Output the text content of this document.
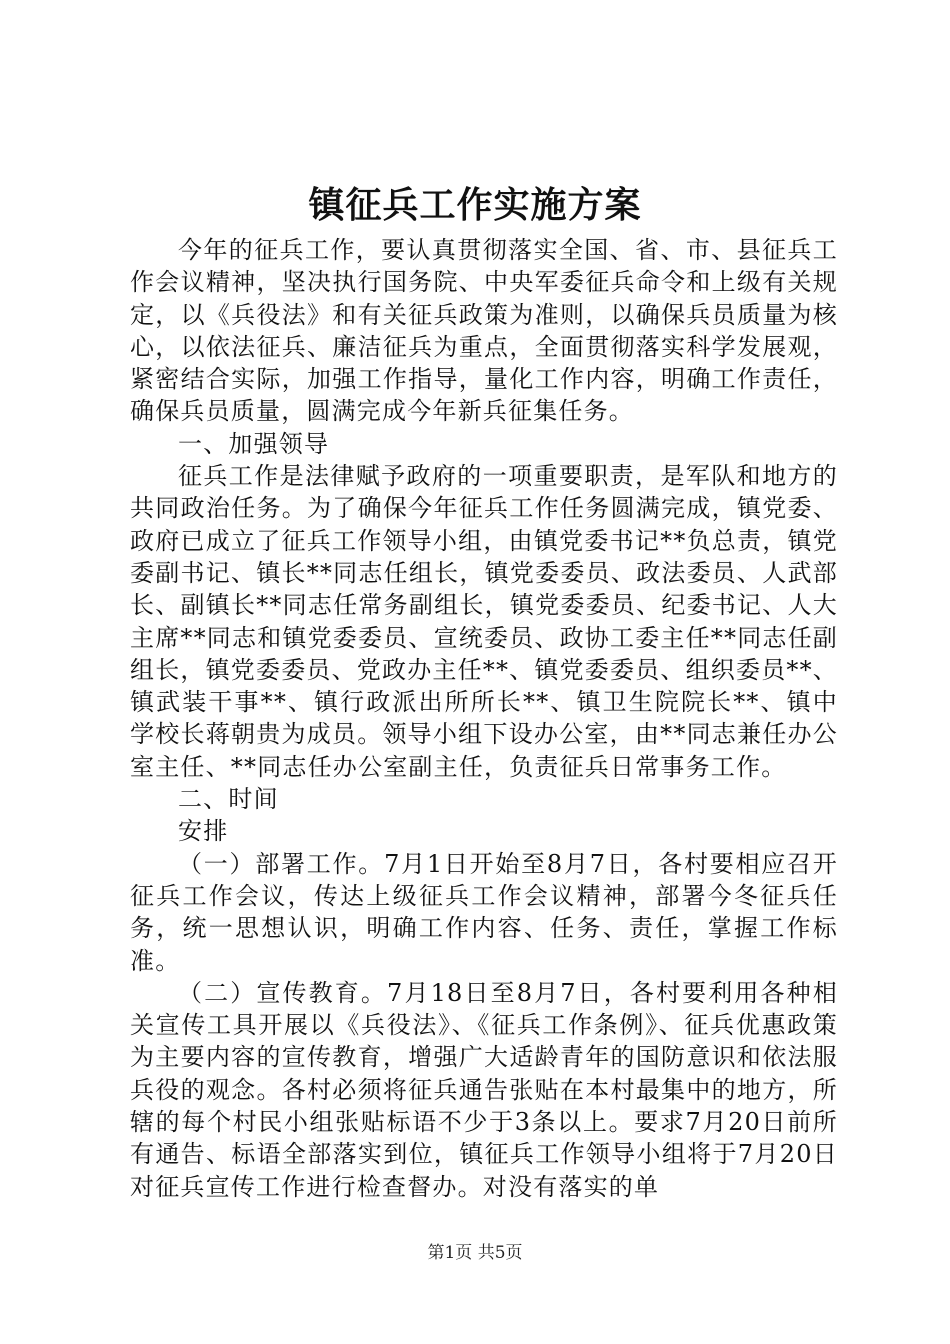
镇征兵工作实施方案

今年的征兵工作，要认真贯彻落实全国、省、市、县征兵工作会议精神，坚决执行国务院、中央军委征兵命令和上级有关规定，以《兵役法》和有关征兵政策为准则，以确保兵员质量为核心，以依法征兵、廉洁征兵为重点，全面贯彻落实科学发展观，紧密结合实际，加强工作指导，量化工作内容，明确工作责任，确保兵员质量，圆满完成今年新兵征集任务。

一、加强领导

征兵工作是法律赋予政府的一项重要职责，是军队和地方的共同政治任务。为了确保今年征兵工作任务圆满完成，镇党委、政府已成立了征兵工作领导小组，由镇党委书记**负总责，镇党委副书记、镇长**同志任组长，镇党委委员、政法委员、人武部长、副镇长**同志任常务副组长，镇党委委员、纪委书记、人大主席**同志和镇党委委员、宣统委员、政协工委主任**同志任副组长，镇党委委员、党政办主任**、镇党委委员、组织委员**、镇武装干事**、镇行政派出所所长**、镇卫生院院长**、镇中学校长蒋朝贵为成员。领导小组下设办公室，由**同志兼任办公室主任、**同志任办公室副主任，负责征兵日常事务工作。

二、时间

安排

（一）部署工作。7月1日开始至8月7日，各村要相应召开征兵工作会议，传达上级征兵工作会议精神，部署今冬征兵任务，统一思想认识，明确工作内容、任务、责任，掌握工作标准。

（二）宣传教育。7月18日至8月7日，各村要利用各种相关宣传工具开展以《兵役法》、《征兵工作条例》、征兵优惠政策为主要内容的宣传教育，增强广大适龄青年的国防意识和依法服兵役的观念。各村必须将征兵通告张贴在本村最集中的地方，所辖的每个村民小组张贴标语不少于3条以上。要求7月20日前所有通告、标语全部落实到位，镇征兵工作领导小组将于7月20日对征兵宣传工作进行检查督办。对没有落实的单

第1页 共5页
